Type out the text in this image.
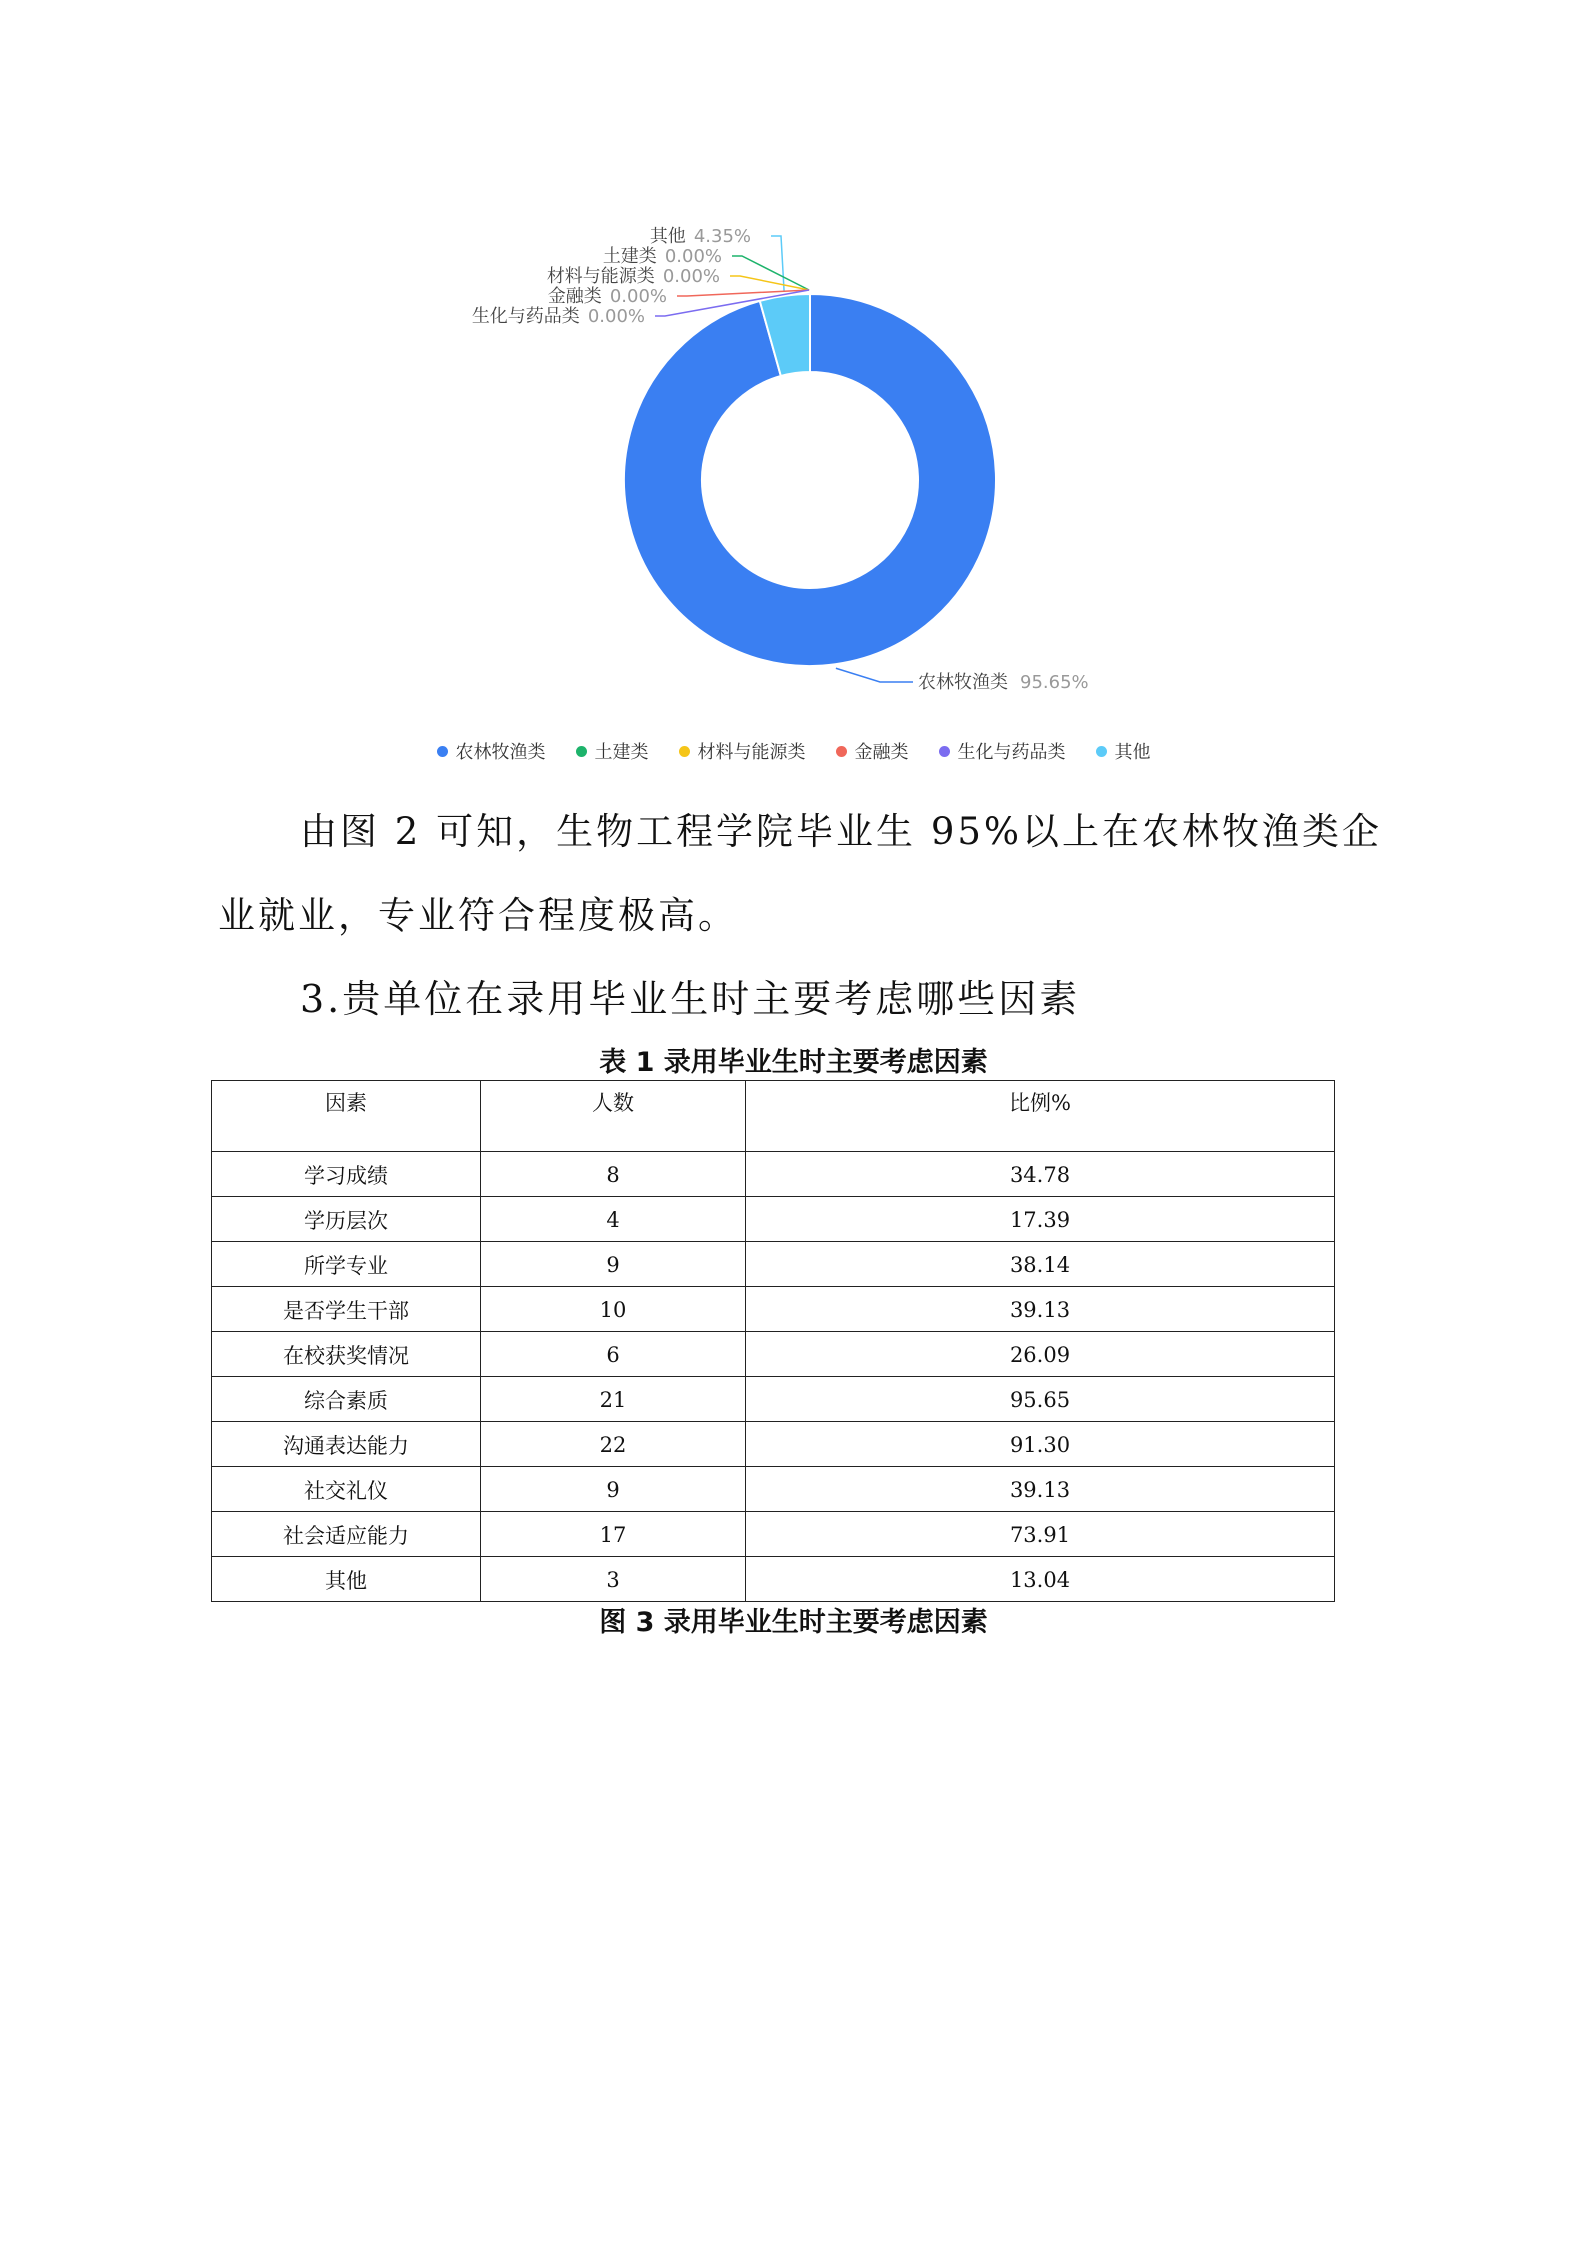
其他 4.35%
土建类 0.00%
材料与能源类 0.00%
金融类 0.00%
生化与药品类 0.00%
农林牧渔类 95.65%
农林牧渔类	土建类	材料与能源类	金融类	生化与药品类	其他

由图 2 可知，生物工程学院毕业生 95%以上在农林牧渔类企业就业，专业符合程度极高。

3.贵单位在录用毕业生时主要考虑哪些因素
表 1 录用毕业生时主要考虑因素
因素	人数	比例%
学习成绩	8	34.78
学历层次	4	17.39
所学专业	9	38.14
是否学生干部	10	39.13
在校获奖情况	6	26.09
综合素质	21	95.65
沟通表达能力	22	91.30
社交礼仪	9	39.13
社会适应能力	17	73.91
其他	3	13.04
图 3 录用毕业生时主要考虑因素
